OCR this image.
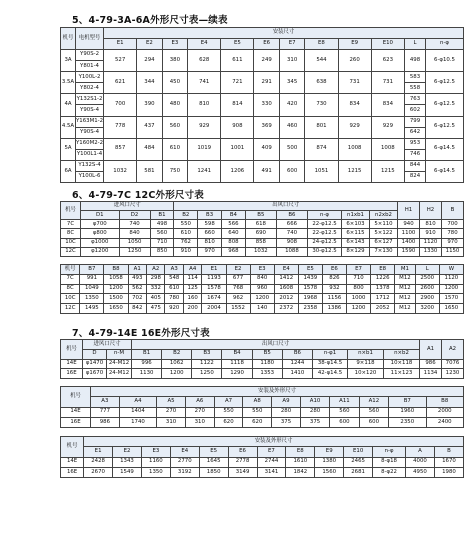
5、4-79-3A-6A外形尺寸表—续表
机号	电机型号	安装尺寸											
		E1	E2	E3	E4	E5	E6	E7	E8	E9	E10	L	n-φ
3A	Y90S-2	527	294	380	628	611	249	310	544	260	623	498	6-φ10.5
	Y801-4												
3.5A	Y100L-2	621	344	450	741	721	291	345	638	731	731	583	6-φ12.5
	Y802-4											558	
4A	Y132S1-2	700	390	480	810	814	330	420	730	834	834	763	6-φ12.5
	Y90S-4											602	
4.5A	Y163M1-2	778	437	560	929	908	369	460	801	929	929	799	6-φ12.5
	Y90S-4											642	
5A	Y160M2-2	857	484	610	1019	1001	409	500	874	1008	1008	953	6-φ14.5
	Y100L1-4											746	
6A	Y132S-4	1032	581	750	1241	1206	491	600	1051	1215	1215	844	6-φ14.5
	Y100L-6											824	
6、4-79-7C 12C外形尺寸表
机号	进风口尺寸			出风口尺寸								H1	H2	B
	D1	D2	B1	B2	B3	B4	B5	B6	n-φ	n1xb1	n2xb2			
7C	φ700	740	498	550	598	566	618	666	22-φ12.5	6×103	5×110	940	810	700
8C	φ800	840	560	610	660	640	690	740	22-φ12.5	6×115	5×122	1100	910	780
10C	φ1000	1050	710	762	810	808	858	908	24-φ12.5	6×143	6×127	1400	1120	970
12C	φ1200	1250	850	910	970	968	1032	1088	30-φ12.5	8×129	7×130	1590	1330	1150
机号	B7	B8	A1	A2	A3	A4	E1	E2	E3	E4	E5	E6	E7	E8	M1	L	W
7C	991	1058	493	298	548	114	1193	677	840	1412	1439	826	710	1226	M12	2500	1120
8C	1049	1200	562	332	610	125	1578	768	960	1608	1578	932	800	1378	M12	2600	1200
10C	1350	1500	702	405	780	160	1674	962	1200	2012	1968	1156	1000	1712	M12	2900	1570
12C	1495	1650	842	475	920	200	2004	1552	140	2372	2358	1386	1200	2052	M12	3200	1650
7、4-79-14E 16E外形尺寸表
机号	进风口尺寸		出风口尺寸									A1	A2
	D	n-M	B1	B2	B3	B4	B5	B6	n-φ1	n×b1	n×b2		
14E	φ1470	24-M12	996	1062	1122	1118	1180	1244	38-φ14.5	9×118	10×118	986	7076
16E	φ1670	24-M12	1130	1200	1250	1290	1353	1410	42-φ14.5	10×120	11×123	1134	1230
机号	安装及外形尺寸											
	A3	A4	A5	A6	A7	A8	A9	A10	A11	A12	B7	B8
14E	777	1404	270	270	550	550	280	280	560	560	1960	2000
16E	986	1740	310	310	620	620	375	375	600	600	2350	2400
机号	安装及外形尺寸												
	E1	E2	E3	E4	E5	E6	E7	E8	E9	E10	n-φ	A	B
14E	2428	1343	1160	2770	1645	2778	2744	1610	1380	2465	8-φ18	4000	1670
16E	2670	1549	1350	3192	1850	3149	3141	1842	1560	2681	8-φ22	4950	1980
